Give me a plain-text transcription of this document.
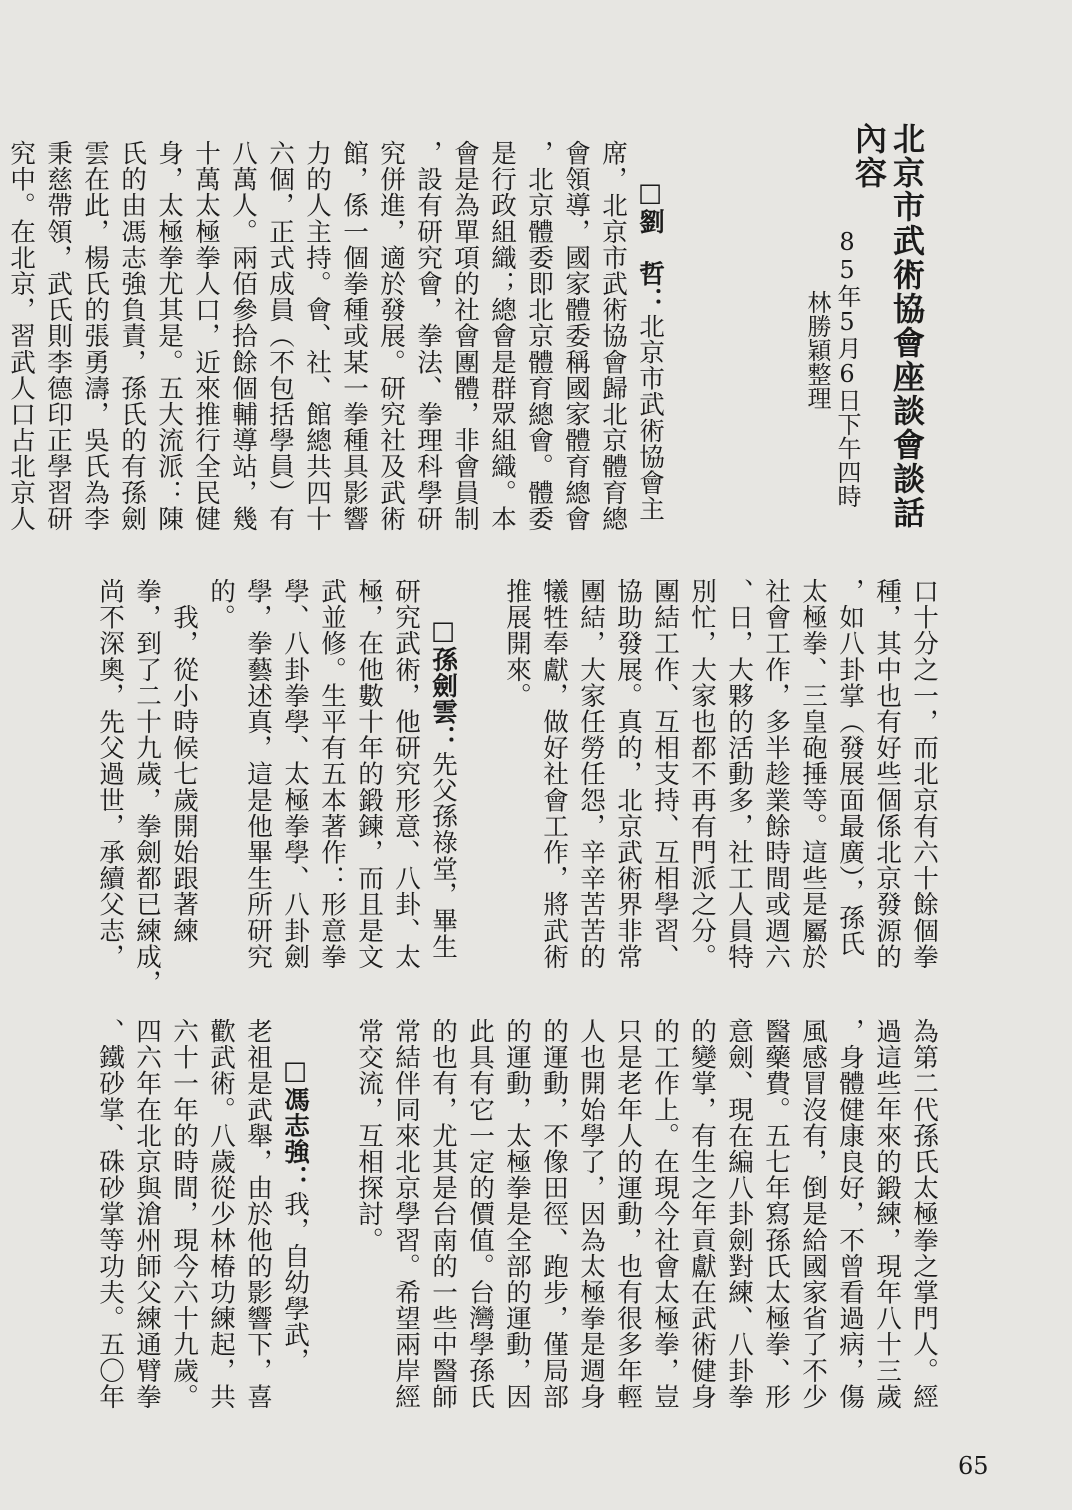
北京市武術協會座談會談話
內容
85年5月6日下午四時
林勝穎整理
□劉　哲：北京市武術協會主
席，北京市武術協會歸北京體育總
會領導，國家體委稱國家體育總會
，北京體委即北京體育總會。體委
是行政組織；總會是群眾組織。本
會是為單項的社會團體，非會員制
，設有研究會，拳法、拳理科學研
究併進，適於發展。研究社及武術
館，係一個拳種或某一拳種具影響
力的人主持。會、社、館總共四十
六個，正式成員（不包括學員）有
八萬人。兩佰參拾餘個輔導站，幾
十萬太極拳人口，近來推行全民健
身，太極拳尤其是。五大流派：陳
氏的由馮志強負責，孫氏的有孫劍
雲在此，楊氏的張勇濤，吳氏為李
秉慈帶領，武氏則李德印正學習研
究中。在北京，習武人口占北京人
口十分之一，而北京有六十餘個拳
種，其中也有好些個係北京發源的
，如八卦掌（發展面最廣），孫氏
太極拳、三皇砲捶等。這些是屬於
社會工作，多半趁業餘時間或週六
、日，大夥的活動多，社工人員特
別忙，大家也都不再有門派之分。
團結工作、互相支持、互相學習、
協助發展。真的，北京武術界非常
團結，大家任勞任怨，辛辛苦苦的
犧牲奉獻，做好社會工作，將武術
推展開來。
□孫劍雲：先父孫祿堂，畢生
研究武術，他研究形意、八卦、太
極，在他數十年的鍛鍊，而且是文
武並修。生平有五本著作：形意拳
學、八卦拳學、太極拳學、八卦劍
學，拳藝述真，這是他畢生所研究
的。
　我，從小時候七歲開始跟著練
拳，到了二十九歲，拳劍都已練成，
尚不深奧，先父過世，承續父志，
為第二代孫氏太極拳之掌門人。經
過這些年來的鍛練，現年八十三歲
，身體健康良好，不曾看過病，傷
風感冒沒有，倒是給國家省了不少
醫藥費。五七年寫孫氏太極拳、形
意劍、現在編八卦劍對練、八卦拳
的變掌，有生之年貢獻在武術健身
的工作上。在現今社會太極拳，豈
只是老年人的運動，也有很多年輕
人也開始學了，因為太極拳是週身
的運動，不像田徑、跑步，僅局部
的運動，太極拳是全部的運動，因
此具有它一定的價值。台灣學孫氏
的也有，尤其是台南的一些中醫師
常結伴同來北京學習。希望兩岸經
常交流，互相探討。
□馮志強：我，自幼學武，
老祖是武舉，由於他的影響下，喜
歡武術。八歲從少林椿功練起，共
六十一年的時間，現今六十九歲。
四六年在北京與滄州師父練通臂拳
、鐵砂掌、硃砂掌等功夫。五〇年
65
